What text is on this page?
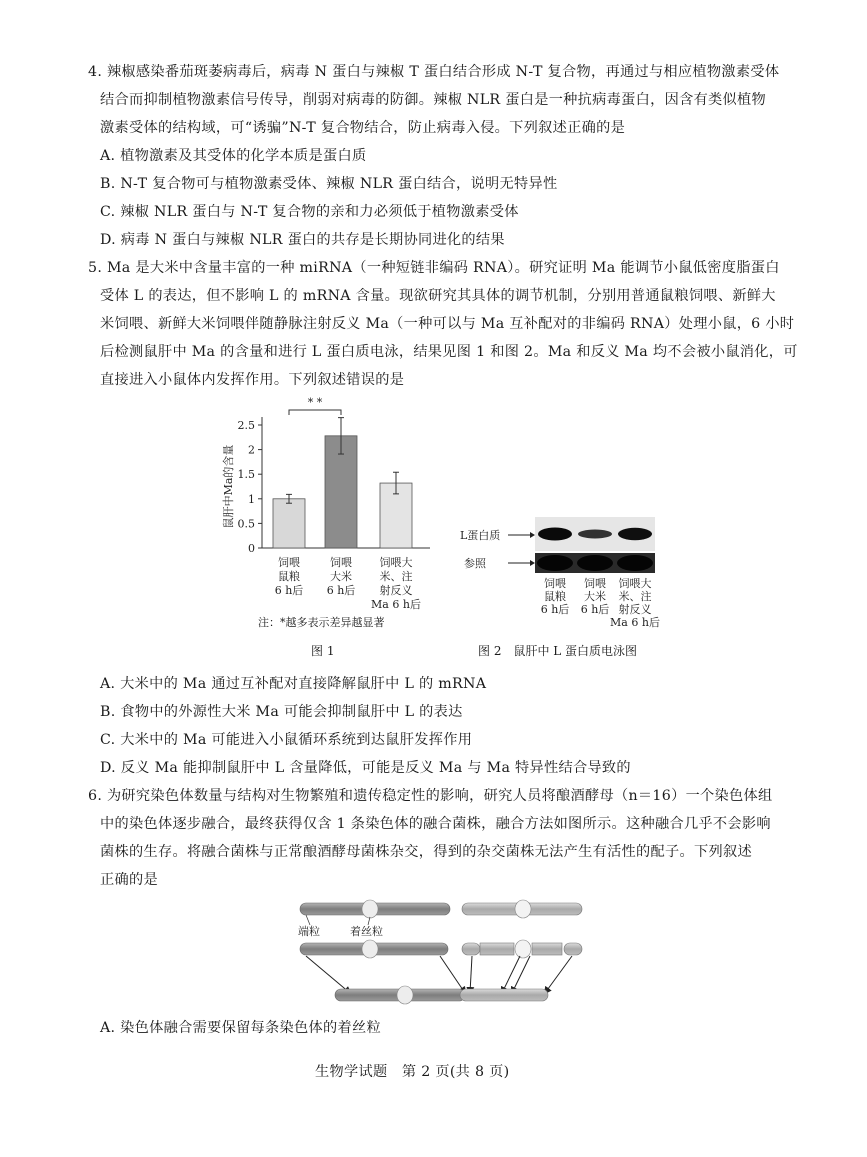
4. 辣椒感染番茄斑萎病毒后，病毒 N 蛋白与辣椒 T 蛋白结合形成 N-T 复合物，再通过与相应植物激素受体
结合而抑制植物激素信号传导，削弱对病毒的防御。辣椒 NLR 蛋白是一种抗病毒蛋白，因含有类似植物
激素受体的结构域，可“诱骗”N-T 复合物结合，防止病毒入侵。下列叙述正确的是
A. 植物激素及其受体的化学本质是蛋白质
B. N-T 复合物可与植物激素受体、辣椒 NLR 蛋白结合，说明无特异性
C. 辣椒 NLR 蛋白与 N-T 复合物的亲和力必须低于植物激素受体
D. 病毒 N 蛋白与辣椒 NLR 蛋白的共存是长期协同进化的结果
5. Ma 是大米中含量丰富的一种 miRNA（一种短链非编码 RNA）。研究证明 Ma 能调节小鼠低密度脂蛋白
受体 L 的表达，但不影响 L 的 mRNA 含量。现欲研究其具体的调节机制，分别用普通鼠粮饲喂、新鲜大
米饲喂、新鲜大米饲喂伴随静脉注射反义 Ma（一种可以与 Ma 互补配对的非编码 RNA）处理小鼠，6 小时
后检测鼠肝中 Ma 的含量和进行 L 蛋白质电泳，结果见图 1 和图 2。Ma 和反义 Ma 均不会被小鼠消化，可
直接进入小鼠体内发挥作用。下列叙述错误的是
0
0.5
1
1.5
2
2.5
鼠肝中Ma的含量
* *
饲喂
鼠粮
6 h后
饲喂
大米
6 h后
饲喂大
米、注
射反义
Ma 6 h后
注：*越多表示差异越显著
图 1
饲喂
鼠粮
6 h后
饲喂
大米
6 h后
饲喂大
米、注
射反义
Ma 6 h后
L蛋白质
参照
图 2　鼠肝中 L 蛋白质电泳图
A. 大米中的 Ma 通过互补配对直接降解鼠肝中 L 的 mRNA
B. 食物中的外源性大米 Ma 可能会抑制鼠肝中 L 的表达
C. 大米中的 Ma 可能进入小鼠循环系统到达鼠肝发挥作用
D. 反义 Ma 能抑制鼠肝中 L 含量降低，可能是反义 Ma 与 Ma 特异性结合导致的
6. 为研究染色体数量与结构对生物繁殖和遗传稳定性的影响，研究人员将酿酒酵母（n＝16）一个染色体组
中的染色体逐步融合，最终获得仅含 1 条染色体的融合菌株，融合方法如图所示。这种融合几乎不会影响
菌株的生存。将融合菌株与正常酿酒酵母菌株杂交，得到的杂交菌株无法产生有活性的配子。下列叙述
正确的是
端粒	着丝粒
A. 染色体融合需要保留每条染色体的着丝粒
生物学试题　第 2 页(共 8 页)
